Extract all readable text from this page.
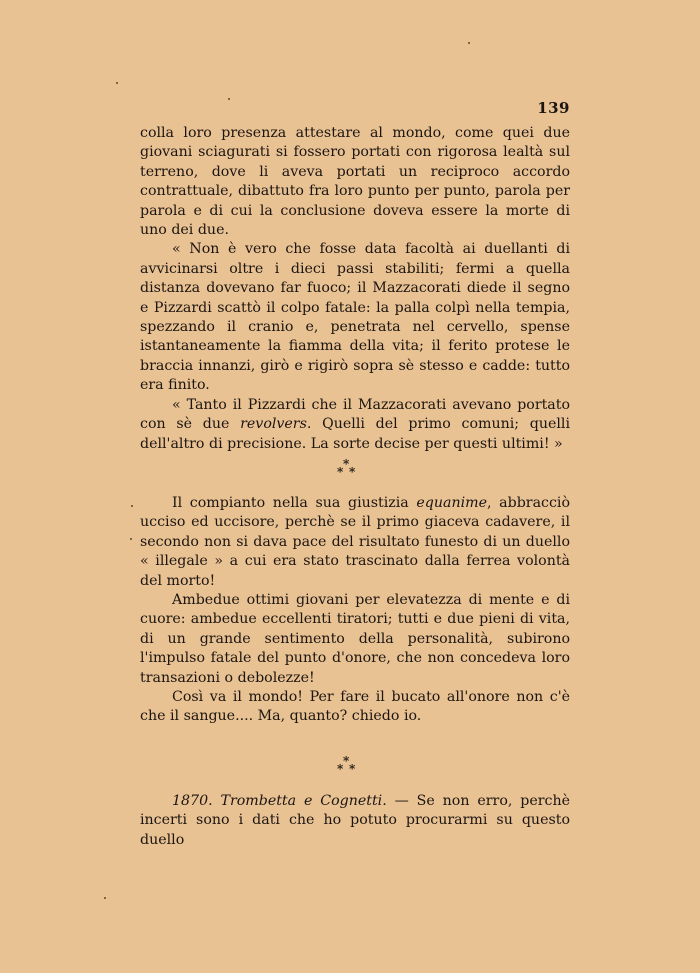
139

colla loro presenza attestare al mondo, come quei due giovani sciagurati si fossero portati con rigorosa lealtà sul terreno, dove li aveva portati un reciproco accordo contrattuale, dibattuto fra loro punto per punto, parola per parola e di cui la conclusione doveva essere la morte di uno dei due.

« Non è vero che fosse data facoltà ai duellanti di avvicinarsi oltre i dieci passi stabiliti; fermi a quella distanza dovevano far fuoco; il Mazzacorati diede il segno e Pizzardi scattò il colpo fatale: la palla colpì nella tempia, spezzando il cranio e, penetrata nel cervello, spense istantaneamente la fiamma della vita; il ferito protese le braccia innanzi, girò e rigirò sopra sè stesso e cadde: tutto era finito.

« Tanto il Pizzardi che il Mazzacorati avevano portato con sè due revolvers. Quelli del primo comuni; quelli dell'altro di precisione. La sorte decise per questi ultimi! »

*
* *

Il compianto nella sua giustizia equanime, abbracciò ucciso ed uccisore, perchè se il primo giaceva cadavere, il secondo non si dava pace del risultato funesto di un duello « illegale » a cui era stato trascinato dalla ferrea volontà del morto!

Ambedue ottimi giovani per elevatezza di mente e di cuore: ambedue eccellenti tiratori; tutti e due pieni di vita, di un grande sentimento della personalità, subirono l'impulso fatale del punto d'onore, che non concedeva loro transazioni o debolezze!

Così va il mondo! Per fare il bucato all'onore non c'è che il sangue.... Ma, quanto? chiedo io.

*
* *

1870. Trombetta e Cognetti. — Se non erro, perchè incerti sono i dati che ho potuto procurarmi su questo duello
